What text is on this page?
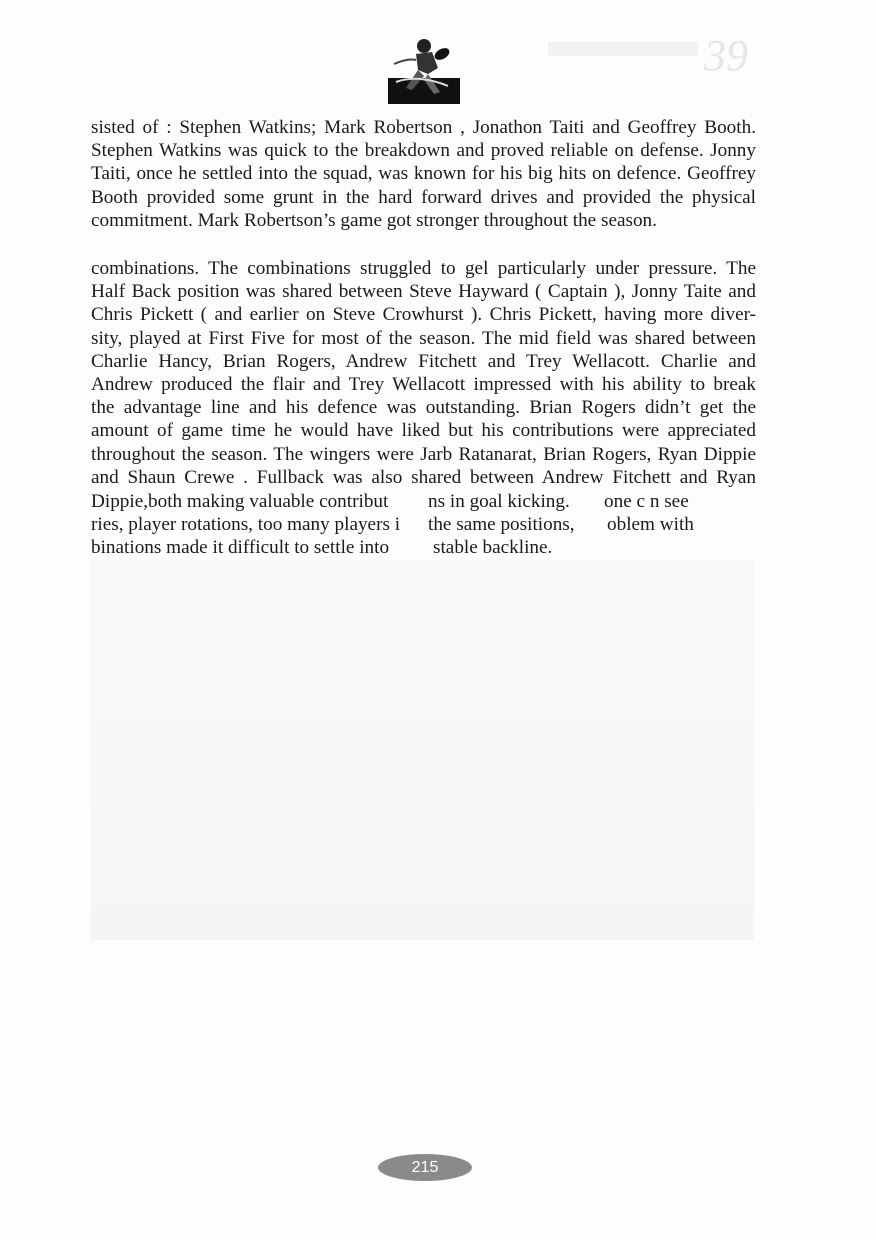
39

sisted of : Stephen Watkins; Mark Robertson , Jonathon Taiti and Geoffrey Booth.
Stephen Watkins was quick to the breakdown and proved reliable on defense. Jonny
Taiti, once he settled into the squad, was known for his big hits on defence. Geoffrey
Booth provided some grunt in the hard forward drives and provided the physical
commitment. Mark Robertson’s game got stronger throughout the season.

combinations. The combinations struggled to gel particularly under pressure. The
Half Back position was shared between Steve Hayward ( Captain ), Jonny Taite and
Chris Pickett ( and earlier on Steve Crowhurst ). Chris Pickett, having more diver-
sity, played at First Five for most of the season. The mid field was shared between
Charlie Hancy, Brian Rogers, Andrew Fitchett and Trey Wellacott. Charlie and
Andrew produced the flair and Trey Wellacott impressed with his ability to break
the advantage line and his defence was outstanding. Brian Rogers didn’t get the
amount of game time he would have liked but his contributions were appreciated
throughout the season. The wingers were Jarb Ratanarat, Brian Rogers, Ryan Dippie
and Shaun Crewe . Fullback was also shared between Andrew Fitchett and Ryan

Dippie,both making valuable contribut ns in goal kicking. one c n see
ries, player rotations, too many players i the same positions, oblem with
binations made it difficult to settle into stable backline.
215
